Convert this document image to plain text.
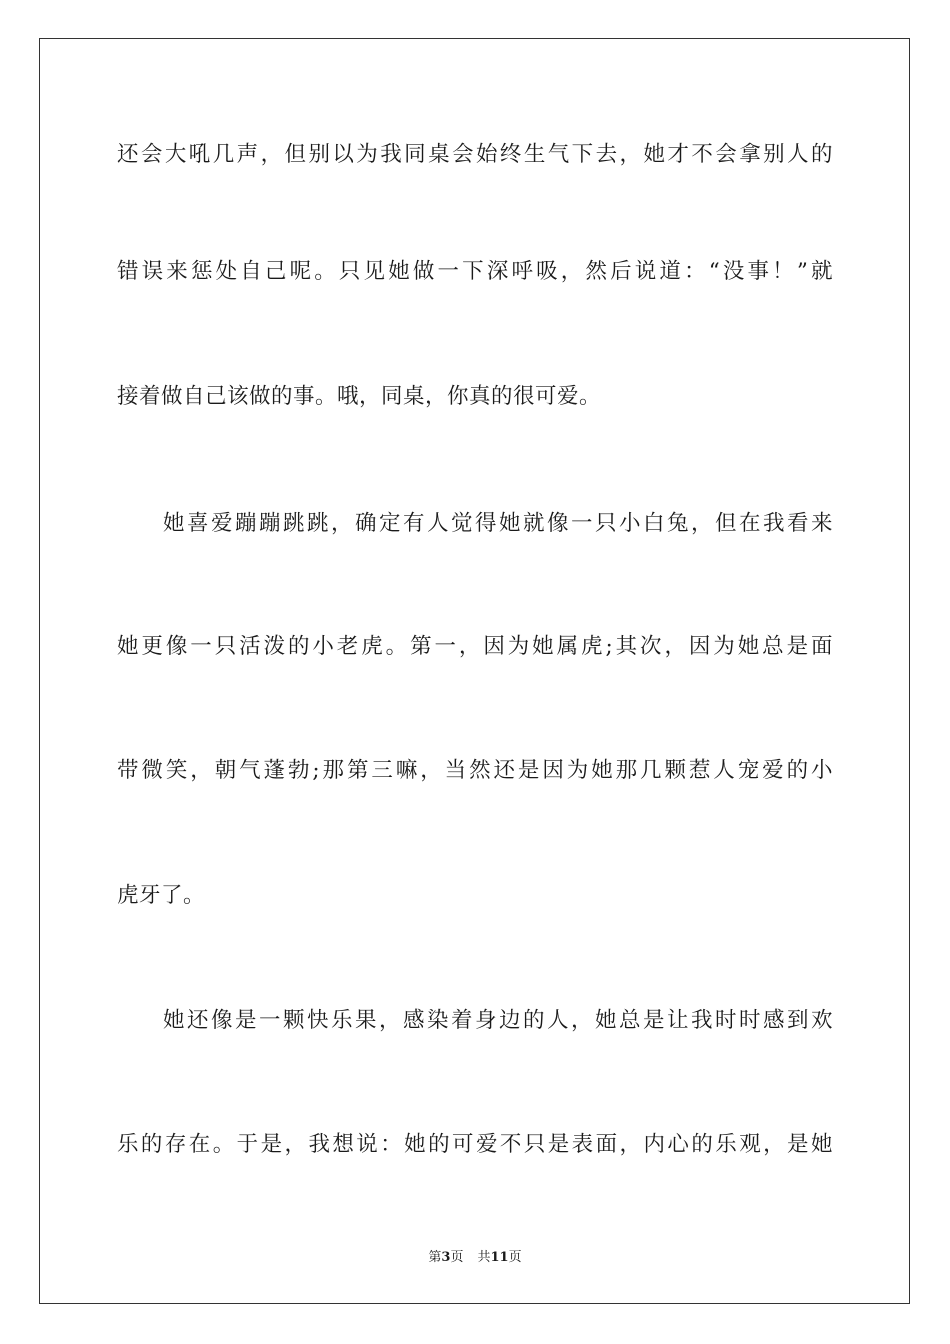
还会大吼几声，但别以为我同桌会始终生气下去，她才不会拿别人的
错误来惩处自己呢。只见她做一下深呼吸，然后说道：“没事！”就
接着做自己该做的事。哦，同桌，你真的很可爱。
她喜爱蹦蹦跳跳，确定有人觉得她就像一只小白兔，但在我看来
她更像一只活泼的小老虎。第一，因为她属虎;其次，因为她总是面
带微笑，朝气蓬勃;那第三嘛，当然还是因为她那几颗惹人宠爱的小
虎牙了。
她还像是一颗快乐果，感染着身边的人，她总是让我时时感到欢
乐的存在。于是，我想说：她的可爱不只是表面，内心的乐观，是她
第3页 共11页
